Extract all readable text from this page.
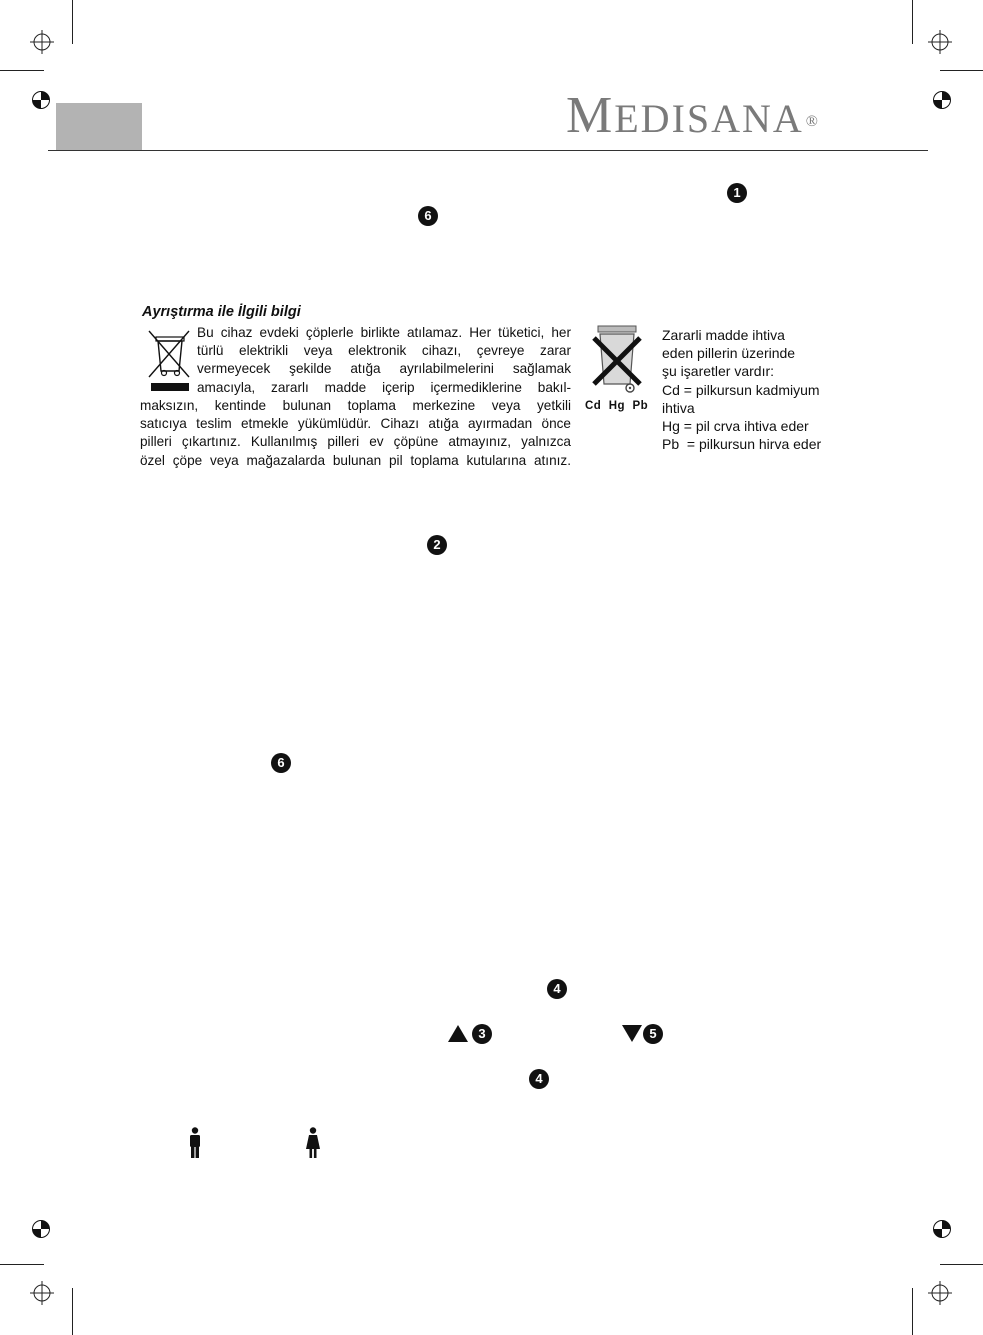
MEDISANA ®
1
6
2
6
4
3	5
4
Ayrıştırma ile İlgili bilgi
Bu cihaz evdeki çöplerle birlikte atılamaz. Her tüketici, her
türlü elektrikli veya elektronik cihazı, çevreye zarar
vermeyecek şekilde atığa ayrılabilmelerini sağlamak
amacıyla, zararlı madde içerip içermediklerine bakıl-
maksızın, kentinde bulunan toplama merkezine veya yetkili
satıcıya teslim etmekle yükümlüdür. Cihazı atığa ayırmadan önce
pilleri çıkartınız. Kullanılmış pilleri ev çöpüne atmayınız, yalnızca
özel çöpe veya mağazalarda bulunan pil toplama kutularına atınız.
Cd  Hg  Pb
Zararli madde ihtiva
eden pillerin üzerinde
şu işaretler vardır:
Cd = pilkursun kadmiyum
ihtiva
Hg = pil crva ihtiva eder
Pb  = pilkursun hirva eder
